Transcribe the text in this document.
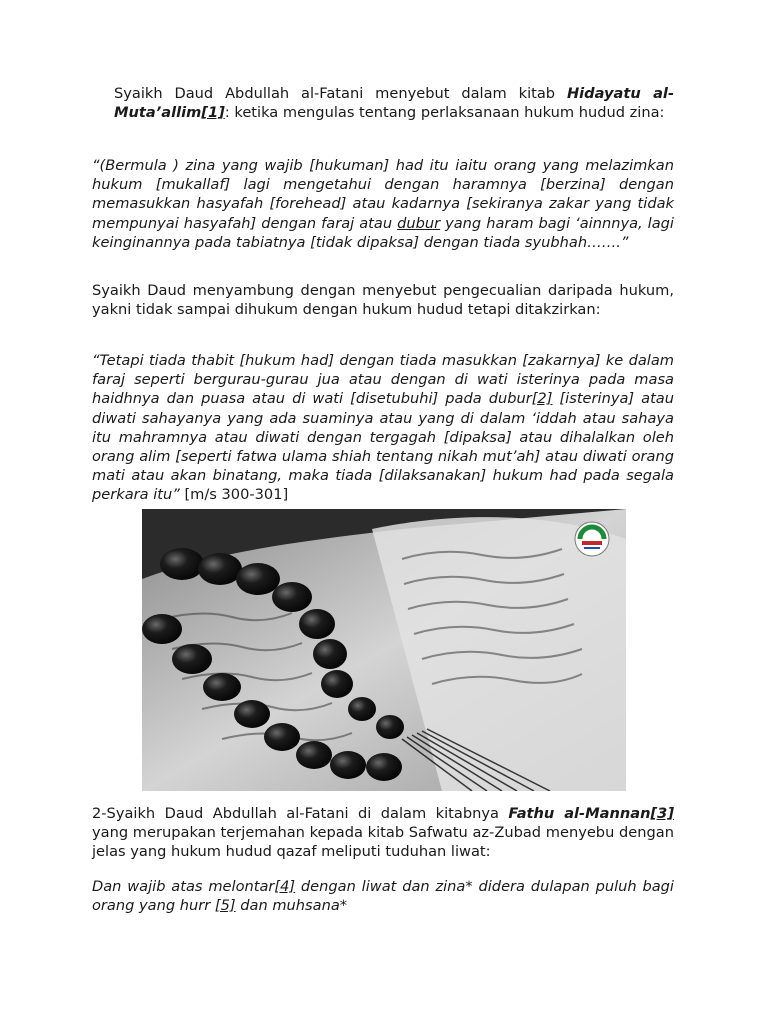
Syaikh Daud Abdullah al-Fatani menyebut dalam kitab Hidayatu al-Muta’allim[1]: ketika mengulas tentang perlaksanaan hukum hudud zina:

“(Bermula ) zina yang wajib [hukuman] had itu iaitu orang yang melazimkan hukum [mukallaf] lagi mengetahui dengan haramnya [berzina] dengan memasukkan hasyafah [forehead] atau kadarnya [sekiranya zakar yang tidak mempunyai hasyafah] dengan faraj atau dubur yang haram bagi ‘ainnnya, lagi keinginannya pada tabiatnya [tidak dipaksa] dengan tiada syubhah…….”

Syaikh Daud menyambung dengan menyebut pengecualian daripada hukum, yakni tidak sampai dihukum dengan hukum hudud tetapi ditakzirkan:

“Tetapi tiada thabit [hukum had] dengan tiada masukkan [zakarnya] ke dalam faraj seperti bergurau-gurau jua atau dengan di wati isterinya pada masa haidhnya dan puasa atau di wati [disetubuhi] pada dubur[2] [isterinya] atau diwati sahayanya yang ada suaminya atau yang di dalam ‘iddah atau sahaya itu mahramnya atau diwati dengan tergagah [dipaksa] atau dihalalkan oleh orang alim [seperti fatwa ulama shiah tentang nikah mut’ah] atau diwati orang mati atau akan binatang, maka tiada [dilaksanakan] hukum had pada segala perkara itu” [m/s 300-301]

2-Syaikh Daud Abdullah al-Fatani di dalam kitabnya Fathu al-Mannan[3] yang merupakan terjemahan kepada kitab Safwatu az-Zubad menyebu dengan jelas yang hukum hudud qazaf meliputi tuduhan liwat:

Dan wajib atas melontar[4] dengan liwat dan zina* didera dulapan puluh bagi orang yang hurr [5] dan muhsana*
